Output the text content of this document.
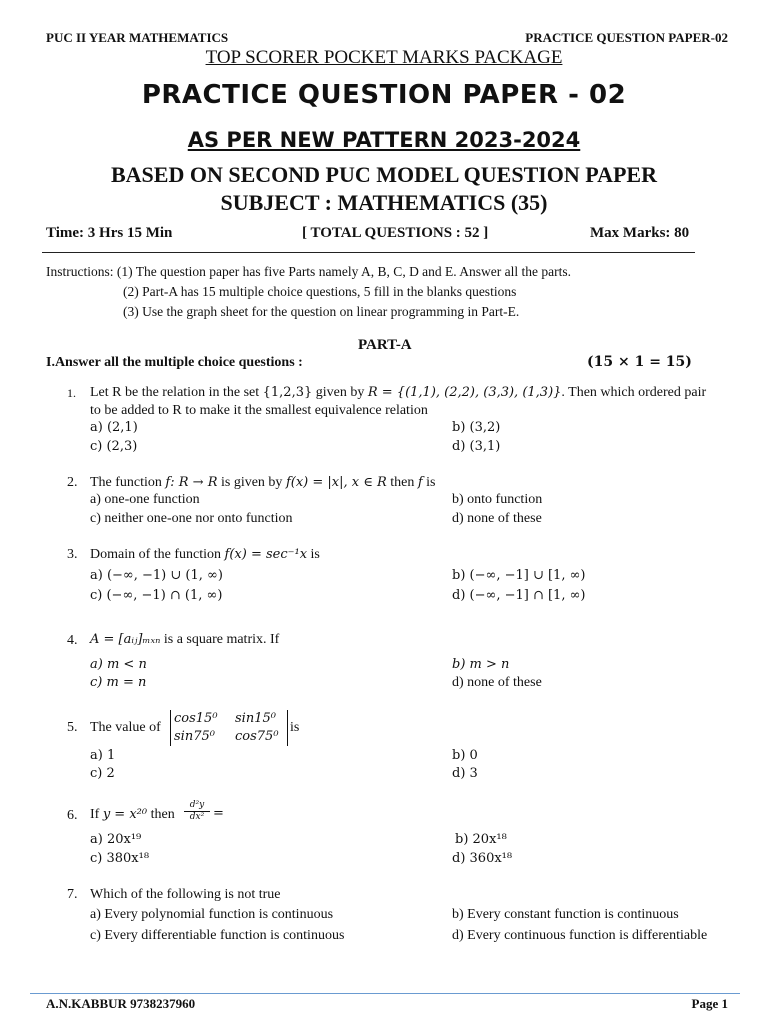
PUC II YEAR MATHEMATICS	PRACTICE QUESTION PAPER-02
TOP SCORER POCKET MARKS PACKAGE
PRACTICE QUESTION PAPER - 02
AS PER NEW PATTERN 2023-2024
BASED ON SECOND PUC MODEL QUESTION PAPER
SUBJECT : MATHEMATICS (35)
Time: 3 Hrs 15 Min	[ TOTAL QUESTIONS : 52 ]	Max Marks: 80
Instructions: (1) The question paper has five Parts namely A, B, C, D and E. Answer all the parts.
(2) Part-A has 15 multiple choice questions, 5 fill in the blanks questions
(3) Use the graph sheet for the question on linear programming in Part-E.
PART-A
I.Answer all the multiple choice questions :	(15 × 1 = 15)
1. Let R be the relation in the set {1,2,3} given by R = {(1,1), (2,2), (3,3), (1,3)}. Then which ordered pair
to be added to R to make it the smallest equivalence relation
a) (2,1)	b) (3,2)
c) (2,3)	d) (3,1)
2. The function f: R → R is given by f(x) = |x|, x ∈ R then f is
a) one-one function	b) onto function
c) neither one-one nor onto function	d) none of these
3. Domain of the function f(x) = sec⁻¹x is
a) (−∞, −1) ∪ (1, ∞)	b) (−∞, −1] ∪ [1, ∞)
c) (−∞, −1) ∩ (1, ∞)	d) (−∞, −1] ∩ [1, ∞)
4. A = [aᵢⱼ]ₘₓₙ is a square matrix. If
a) m < n	b) m > n
c) m = n	d) none of these
5. The value of
cos15⁰ sin15⁰
sin75⁰ cos75⁰
is
a) 1	b) 0
c) 2	d) 3
6. If y = x²⁰ then $\frac{\text{d²y}}{\text{dx²}}$ =
a) 20x¹⁹	b) 20x¹⁸
c) 380x¹⁸	d) 360x¹⁸
7. Which of the following is not true
a) Every polynomial function is continuous	b) Every constant function is continuous
c) Every differentiable function is continuous	d) Every continuous function is differentiable
A.N.KABBUR 9738237960	Page 1
